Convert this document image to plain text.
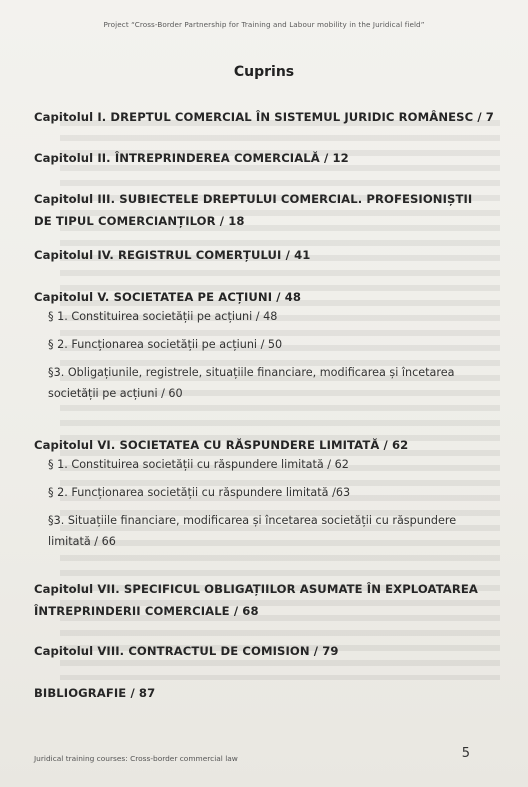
Project “Cross-Border Partnership for Training and Labour mobility in the Juridical field”
Cuprins
Capitolul I. DREPTUL COMERCIAL ÎN SISTEMUL JURIDIC ROMÂNESC / 7
Capitolul II. ÎNTREPRINDEREA COMERCIALĂ / 12
Capitolul III. SUBIECTELE DREPTULUI COMERCIAL. PROFESIONIȘTII DE TIPUL COMERCIANȚILOR / 18
Capitolul IV. REGISTRUL COMERȚULUI / 41
Capitolul V. SOCIETATEA PE ACȚIUNI / 48
§ 1. Constituirea societății pe acțiuni / 48
§ 2. Funcționarea societății pe acțiuni / 50
§3. Obligațiunile, registrele, situațiile financiare, modificarea și încetarea societății pe acțiuni / 60
Capitolul VI. SOCIETATEA CU RĂSPUNDERE LIMITATĂ / 62
§ 1. Constituirea societății cu răspundere limitată / 62
§ 2. Funcționarea societății cu răspundere limitată /63
§3. Situațiile financiare, modificarea și încetarea societății cu răspundere limitată / 66
Capitolul VII. SPECIFICUL OBLIGAȚIILOR ASUMATE ÎN EXPLOATAREA ÎNTREPRINDERII COMERCIALE / 68
Capitolul VIII. CONTRACTUL DE COMISION / 79
BIBLIOGRAFIE / 87
Juridical training courses: Cross-border commercial law	5
